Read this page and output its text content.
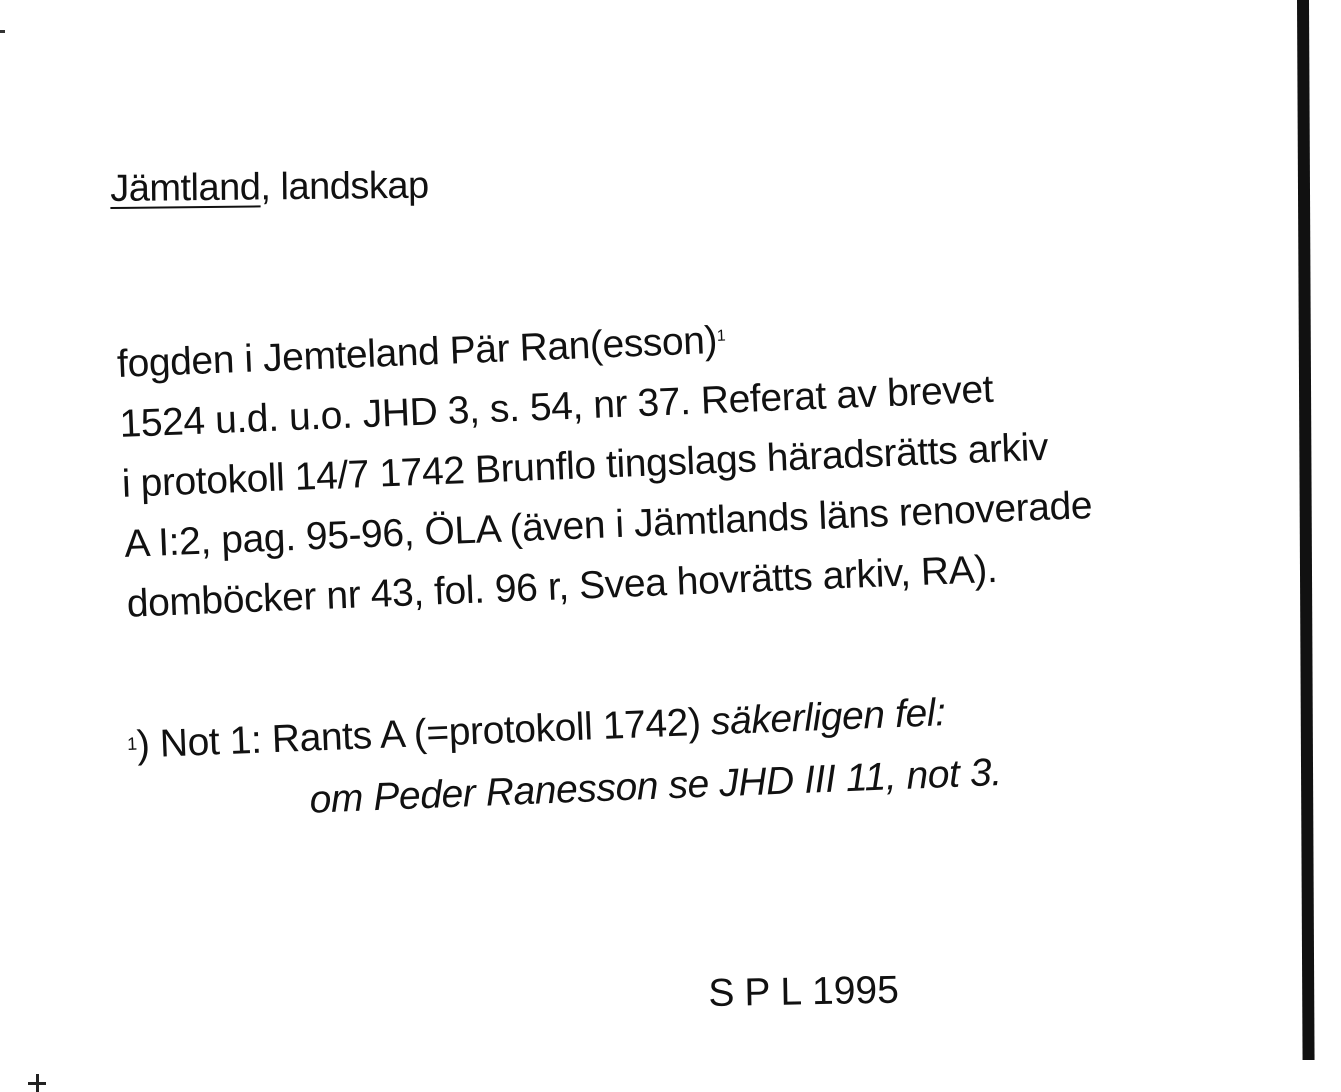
Jämtland, landskap
fogden i Jemteland Pär Ran(esson)$^1$
1524 u.d. u.o. JHD 3, s. 54, nr 37. Referat av brevet
i protokoll 14/7 1742 Brunflo tingslags häradsrätts arkiv
A I:2, pag. 95-96, ÖLA (även i Jämtlands läns renoverade
domböcker nr 43, fol. 96 r, Svea hovrätts arkiv, RA).
$^1$) Not 1: Rants A (=protokoll 1742) säkerligen fel:
om Peder Ranesson se JHD III 11, not 3.
S P L 1995
